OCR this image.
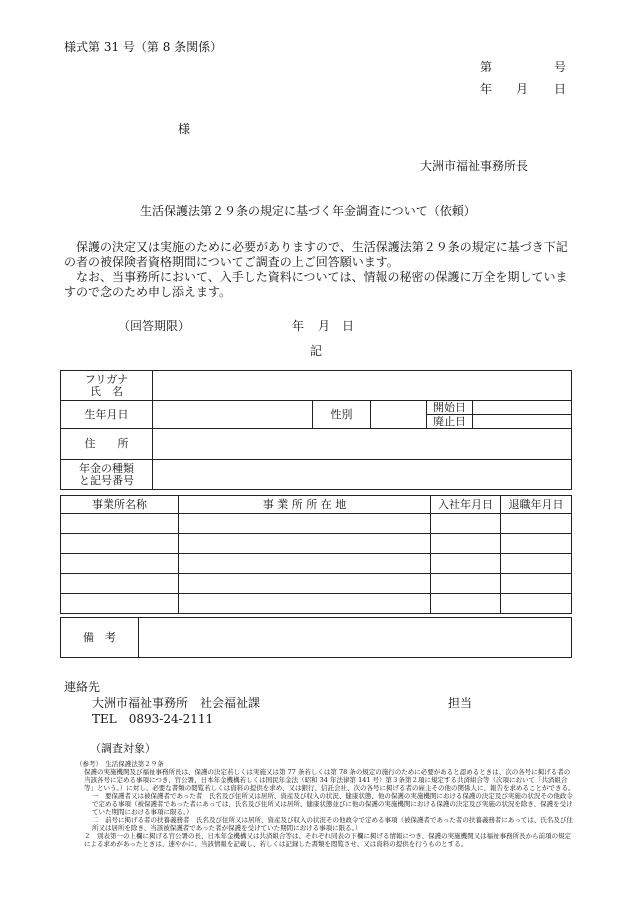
様式第 31 号（第 8 条関係）
第	号
年 月 日
様
大洲市福祉事務所長
生活保護法第２９条の規定に基づく年金調査について（依頼）

保護の決定又は実施のために必要がありますので、生活保護法第２９条の規定に基づき下記の者の被保険者資格期間についてご調査の上ご回答願います。

なお、当事務所において、入手した資料については、情報の秘密の保護に万全を期していますので念のため申し添えます。

（回答期限）	年 月 日
記
フリガナ
氏　名					

生年月日		性別		開始日	
				廃止日	
住　　所					

年金の種類
と記号番号					

事業所名称	事 業 所 所 在 地	入社年月日	退職年月日

備　考	
連絡先
大洲市福祉事務所　社会福祉課	担当
TEL　0893-24-2111
（調査対象）

（参考）　生活保護法第２９条

保護の実施機関及び福祉事務所長は、保護の決定若しくは実施又は第 77 条若しくは第 78 条の規定の施行のために必要があると認めるときは、次の各号に掲げる者の当該各号に定める事項につき、官公署、日本年金機構若しくは国民年金法（昭和 34 年法律第 141 号）第３条第２項に規定する共済組合等（次項において「共済組合等」という。）に対し、必要な書類の閲覧若しくは資料の提供を求め、又は銀行、信託会社、次の各号に掲げる者の雇主その他の関係人に、報告を求めることができる。

一　要保護者又は被保護者であった者　氏名及び住所又は居所、資産及び収入の状況、健康状態、他の保護の実施機関における保護の決定及び実施の状況その他政令で定める事項（被保護者であった者にあっては、氏名及び住所又は居所、健康状態並びに他の保護の実施機関における保護の決定及び実施の状況を除き、保護を受けていた期間における事項に限る。）

二　前号に掲げる者の扶養義務者　氏名及び住所又は居所、資産及び収入の状況その他政令で定める事項（被保護者であった者の扶養義務者にあっては、氏名及び住所又は居所を除き、当該被保護者であった者が保護を受けていた期間における事項に限る。）

２　別表第一の上欄に掲げる官公署の長、日本年金機構又は共済組合等は、それぞれ同表の下欄に掲げる情報につき、保護の実施機関又は福祉事務所長から前項の規定による求めがあったときは、速やかに、当該情報を記載し、若しくは記録した書類を閲覧させ、又は資料の提供を行うものとする。
